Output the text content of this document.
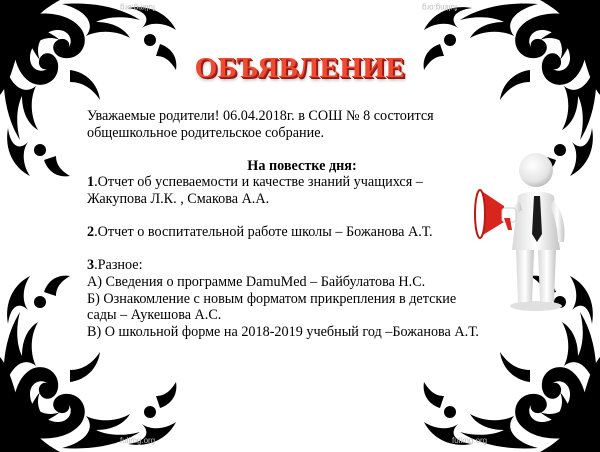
fulimg.org	fulimg.org
fulimg.org	fulimg.org
ОБЪЯВЛЕНИЕ

Уважаемые родители! 06.04.2018г. в СОШ № 8 состоится

общешкольное родительское собрание.

На повестке дня:

1.Отчет об успеваемости и качестве знаний учащихся –

Жакупова Л.К. , Смакова А.А.

2.Отчет о воспитательной работе школы – Божанова А.Т.

3.Разное:

А) Сведения о программе DamuMed – Байбулатова Н.С.

Б) Ознакомление с новым форматом прикрепления в детские

сады – Аукешова А.С.

В) О школьной форме на 2018-2019 учебный год –Божанова А.Т.
